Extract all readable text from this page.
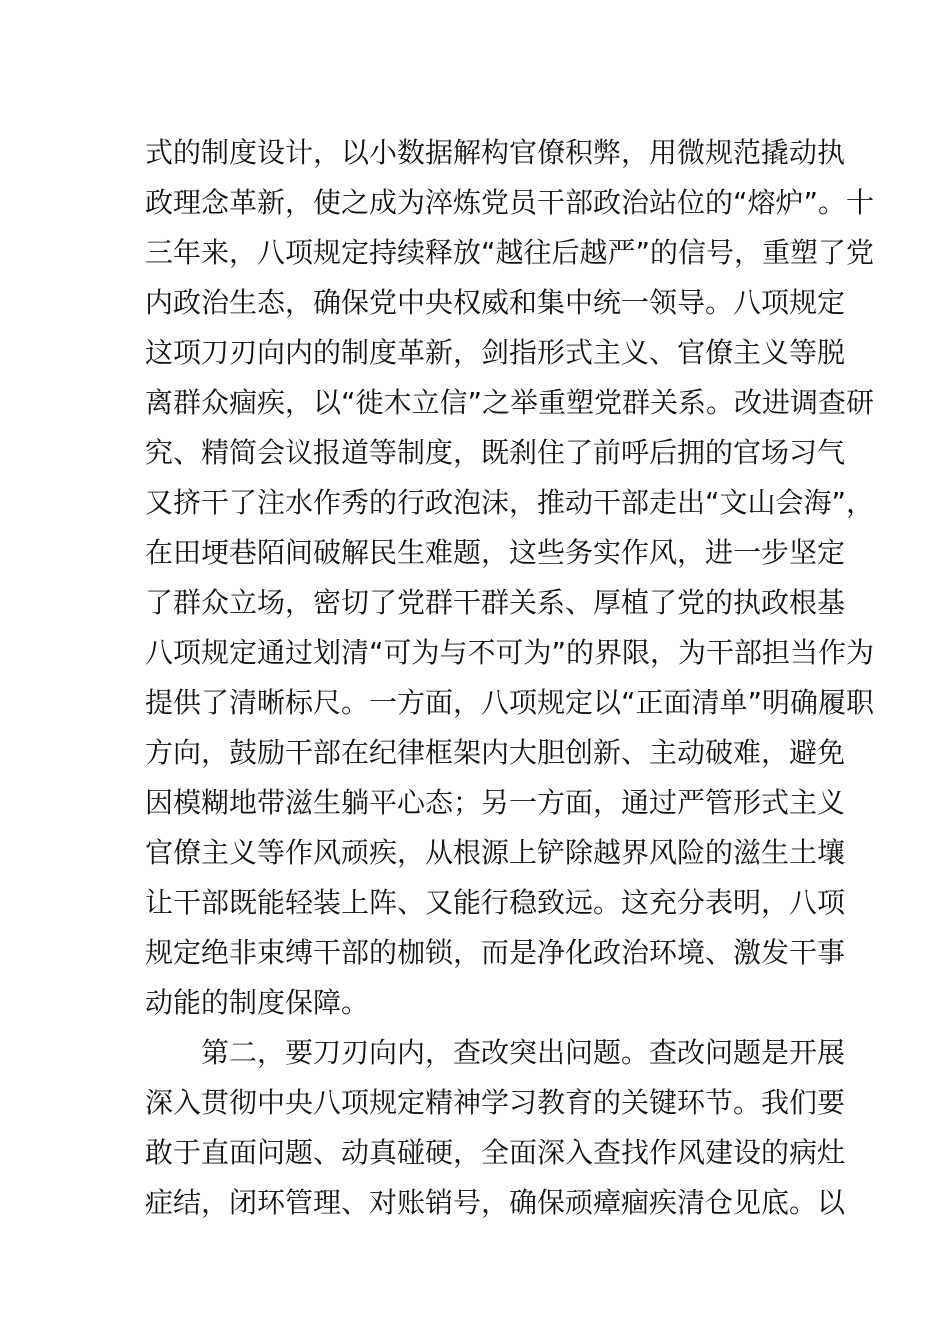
式的制度设计，以小数据解构官僚积弊，用微规范撬动执
政理念革新，使之成为淬炼党员干部政治站位的“熔炉”。十
三年来，八项规定持续释放“越往后越严”的信号，重塑了党
内政治生态，确保党中央权威和集中统一领导。八项规定
这项刀刃向内的制度革新，剑指形式主义、官僚主义等脱
离群众痼疾，以“徙木立信”之举重塑党群关系。改进调查研
究、精简会议报道等制度，既刹住了前呼后拥的官场习气
又挤干了注水作秀的行政泡沫，推动干部走出“文山会海”，
在田埂巷陌间破解民生难题，这些务实作风，进一步坚定
了群众立场，密切了党群干群关系、厚植了党的执政根基
八项规定通过划清“可为与不可为”的界限，为干部担当作为
提供了清晰标尺。一方面，八项规定以“正面清单”明确履职
方向，鼓励干部在纪律框架内大胆创新、主动破难，避免
因模糊地带滋生躺平心态；另一方面，通过严管形式主义
官僚主义等作风顽疾，从根源上铲除越界风险的滋生土壤
让干部既能轻装上阵、又能行稳致远。这充分表明，八项
规定绝非束缚干部的枷锁，而是净化政治环境、激发干事
动能的制度保障。
第二，要刀刃向内，查改突出问题。查改问题是开展
深入贯彻中央八项规定精神学习教育的关键环节。我们要
敢于直面问题、动真碰硬，全面深入查找作风建设的病灶
症结，闭环管理、对账销号，确保顽瘴痼疾清仓见底。以
